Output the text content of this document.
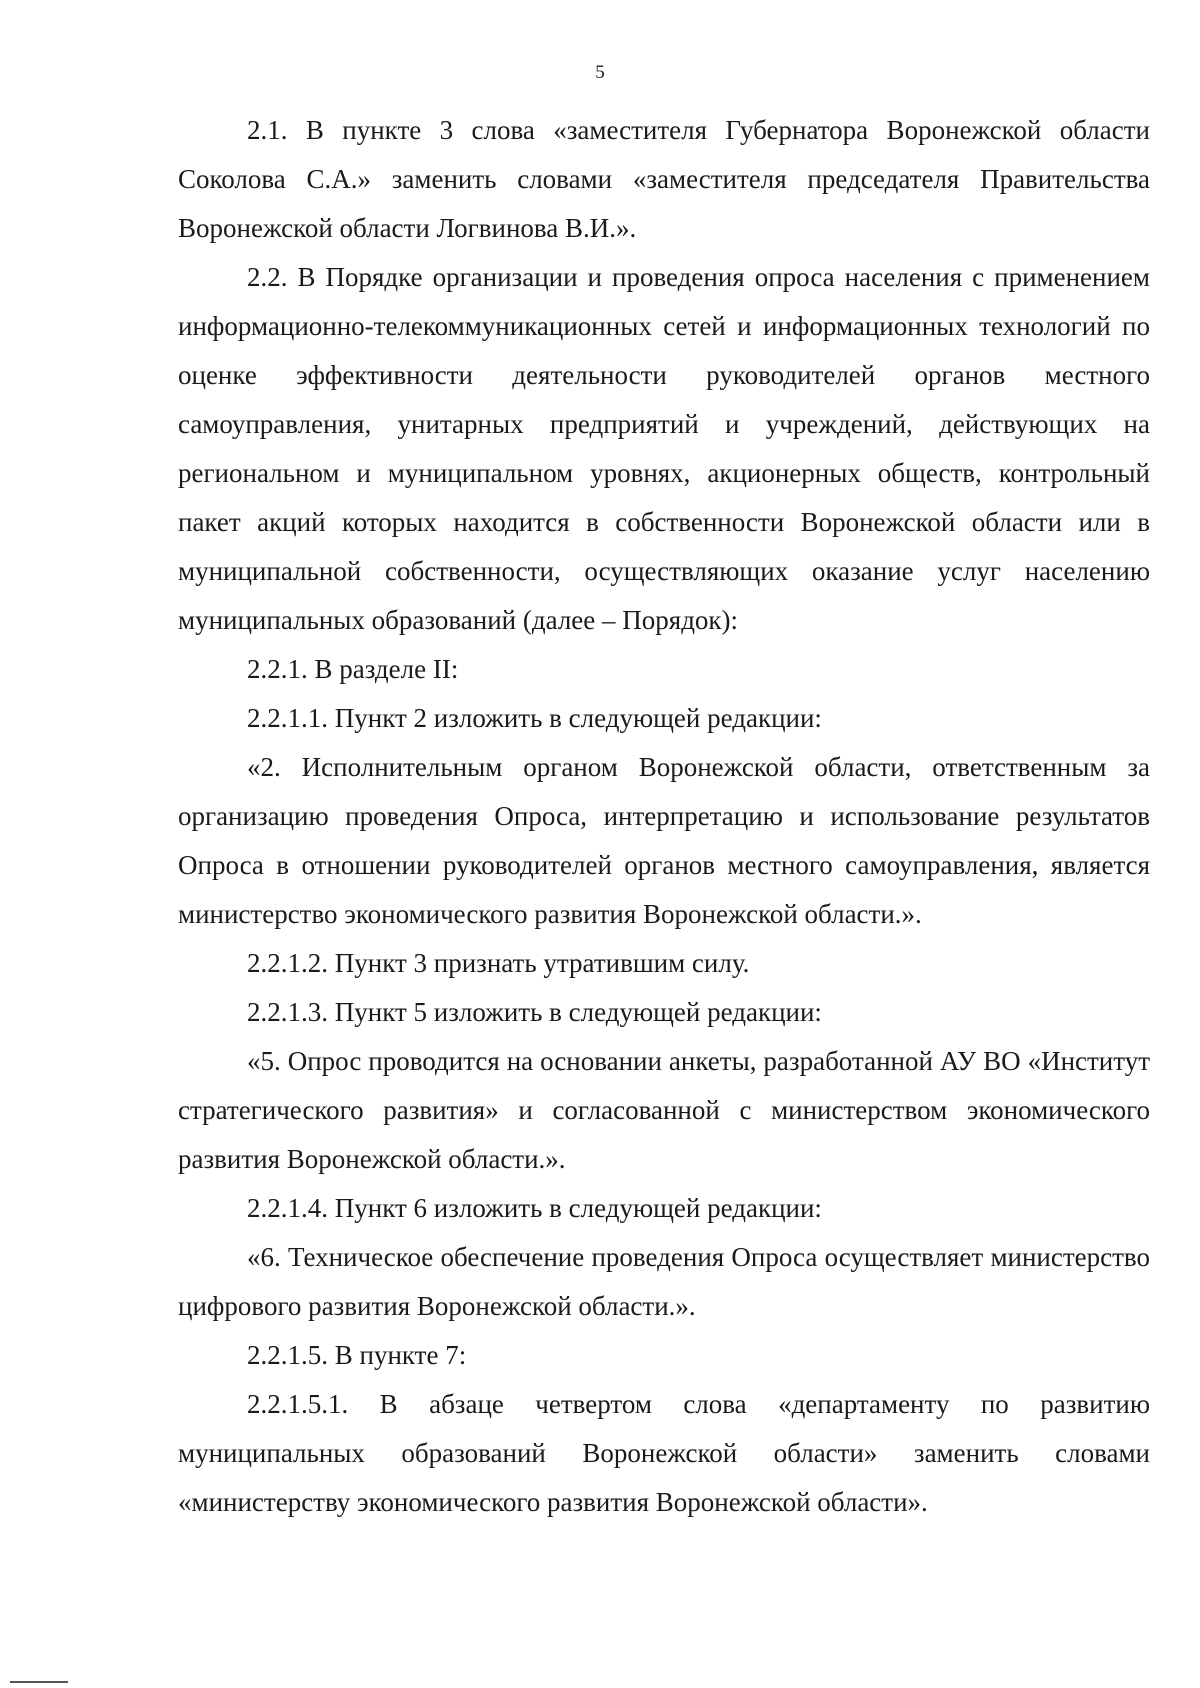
5

2.1. В пункте 3 слова «заместителя Губернатора Воронежской области Соколова С.А.» заменить словами «заместителя председателя Правительства Воронежской области Логвинова В.И.».

2.2. В Порядке организации и проведения опроса населения с применением информационно-телекоммуникационных сетей и информационных технологий по оценке эффективности деятельности руководителей органов местного самоуправления, унитарных предприятий и учреждений, действующих на региональном и муниципальном уровнях, акционерных обществ, контрольный пакет акций которых находится в собственности Воронежской области или в муниципальной собственности, осуществляющих оказание услуг населению муниципальных образований (далее – Порядок):

2.2.1. В разделе II:

2.2.1.1. Пункт 2 изложить в следующей редакции:

«2. Исполнительным органом Воронежской области, ответственным за организацию проведения Опроса, интерпретацию и использование результатов Опроса в отношении руководителей органов местного самоуправления, является министерство экономического развития Воронежской области.».

2.2.1.2. Пункт 3 признать утратившим силу.

2.2.1.3. Пункт 5 изложить в следующей редакции:

«5. Опрос проводится на основании анкеты, разработанной АУ ВО «Институт стратегического развития» и согласованной с министерством экономического развития Воронежской области.».

2.2.1.4. Пункт 6 изложить в следующей редакции:

«6. Техническое обеспечение проведения Опроса осуществляет министерство цифрового развития Воронежской области.».

2.2.1.5. В пункте 7:

2.2.1.5.1. В абзаце четвертом слова «департаменту по развитию муниципальных образований Воронежской области» заменить словами «министерству экономического развития Воронежской области».
